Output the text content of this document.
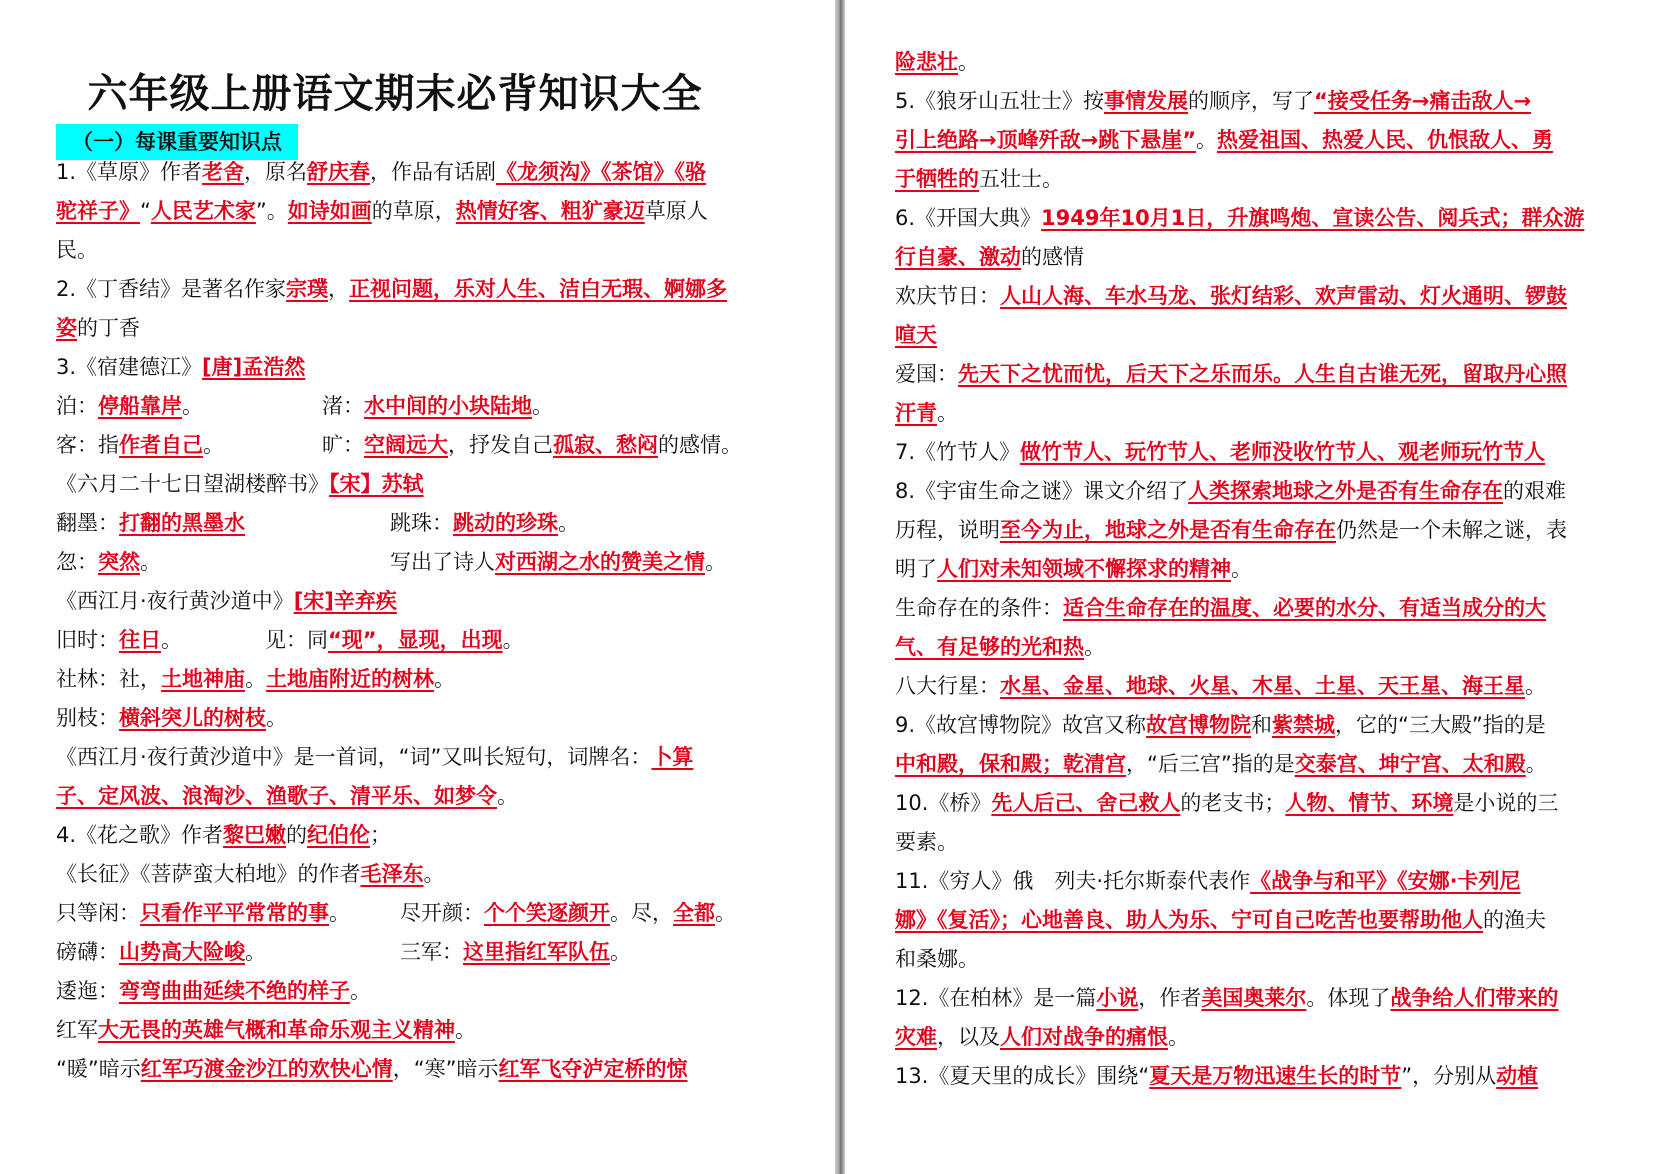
六年级上册语文期末必背知识大全
（一）每课重要知识点
1.《草原》作者老舍，原名舒庆春，作品有话剧《龙须沟》《茶馆》《骆
驼祥子》“人民艺术家”。如诗如画的草原，热情好客、粗犷豪迈草原人
民。
2.《丁香结》是著名作家宗璞，正视问题，乐对人生、洁白无瑕、婀娜多
姿的丁香
3.《宿建德江》[唐]孟浩然
泊：停船靠岸。	渚：水中间的小块陆地。
客：指作者自己。	旷：空阔远大，抒发自己孤寂、愁闷的感情。
《六月二十七日望湖楼醉书》【宋】苏轼
翻墨：打翻的黑墨水	跳珠：跳动的珍珠。
忽：突然。	写出了诗人对西湖之水的赞美之情。
《西江月·夜行黄沙道中》[宋]辛弃疾
旧时：往日。	见：同“现”，显现，出现。
社林：社，土地神庙。土地庙附近的树林。
别枝：横斜突儿的树枝。
《西江月·夜行黄沙道中》是一首词，“词”又叫长短句，词牌名：卜算
子、定风波、浪淘沙、渔歌子、清平乐、如梦令。
4.《花之歌》作者黎巴嫩的纪伯伦；
《长征》《菩萨蛮大柏地》的作者毛泽东。
只等闲：只看作平平常常的事。 尽开颜：个个笑逐颜开。尽，全都。
磅礴：山势高大险峻。	三军：这里指红军队伍。
逶迤：弯弯曲曲延续不绝的样子。
红军大无畏的英雄气概和革命乐观主义精神。
“暖”暗示红军巧渡金沙江的欢快心情，“寒”暗示红军飞夺泸定桥的惊
险悲壮。
5.《狼牙山五壮士》按事情发展的顺序，写了“接受任务→痛击敌人→
引上绝路→顶峰歼敌→跳下悬崖”。热爱祖国、热爱人民、仇恨敌人、勇
于牺牲的五壮士。
6.《开国大典》1949年10月1日，升旗鸣炮、宣读公告、阅兵式；群众游
行自豪、激动的感情
欢庆节日：人山人海、车水马龙、张灯结彩、欢声雷动、灯火通明、锣鼓
喧天
爱国：先天下之忧而忧，后天下之乐而乐。人生自古谁无死，留取丹心照
汗青。
7.《竹节人》做竹节人、玩竹节人、老师没收竹节人、观老师玩竹节人
8.《宇宙生命之谜》课文介绍了人类探索地球之外是否有生命存在的艰难
历程，说明至今为止，地球之外是否有生命存在仍然是一个未解之谜，表
明了人们对未知领域不懈探求的精神。
生命存在的条件：适合生命存在的温度、必要的水分、有适当成分的大
气、有足够的光和热。
八大行星：水星、金星、地球、火星、木星、土星、天王星、海王星。
9.《故宫博物院》故宫又称故宫博物院和紫禁城，它的“三大殿”指的是
中和殿，保和殿；乾清宫，“后三宫”指的是交泰宫、坤宁宫、太和殿。
10.《桥》先人后己、舍己救人的老支书；人物、情节、环境是小说的三
要素。
11.《穷人》俄　列夫·托尔斯泰代表作《战争与和平》《安娜·卡列尼
娜》《复活》；心地善良、助人为乐、宁可自己吃苦也要帮助他人的渔夫
和桑娜。
12.《在柏林》是一篇小说，作者美国奥莱尔。体现了战争给人们带来的
灾难，以及人们对战争的痛恨。
13.《夏天里的成长》围绕“夏天是万物迅速生长的时节”，分别从动植
